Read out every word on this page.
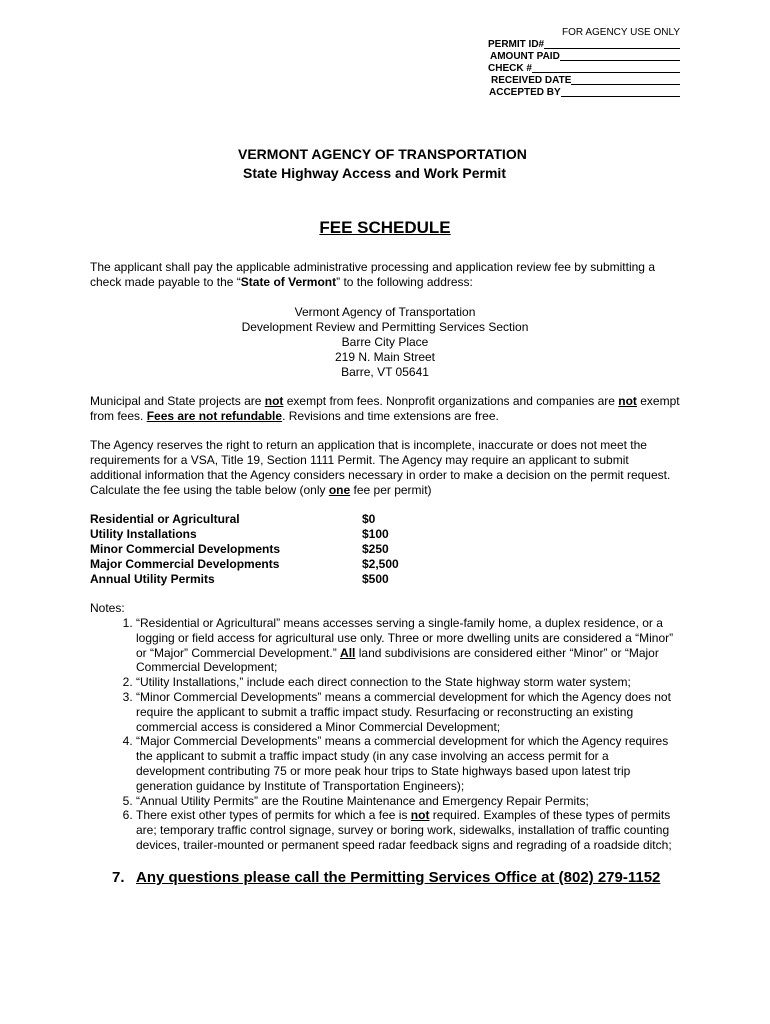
FOR AGENCY USE ONLY
PERMIT ID#
AMOUNT PAID
CHECK #
RECEIVED DATE
ACCEPTED BY
VERMONT AGENCY OF TRANSPORTATION
State Highway Access and Work Permit
FEE SCHEDULE

The applicant shall pay the applicable administrative processing and application review fee by submitting a check made payable to the “State of Vermont” to the following address:

Vermont Agency of Transportation
Development Review and Permitting Services Section
Barre City Place
219 N. Main Street
Barre, VT 05641

Municipal and State projects are not exempt from fees. Nonprofit organizations and companies are not exempt from fees. Fees are not refundable. Revisions and time extensions are free.

The Agency reserves the right to return an application that is incomplete, inaccurate or does not meet the requirements for a VSA, Title 19, Section 1111 Permit. The Agency may require an applicant to submit additional information that the Agency considers necessary in order to make a decision on the permit request. Calculate the fee using the table below (only one fee per permit)

Residential or Agricultural	$0
Utility Installations	$100
Minor Commercial Developments	$250
Major Commercial Developments	$2,500
Annual Utility Permits	$500
Notes:
1. “Residential or Agricultural” means accesses serving a single-family home, a duplex residence, or a logging or field access for agricultural use only. Three or more dwelling units are considered a “Minor” or “Major” Commercial Development.” All land subdivisions are considered either “Minor” or “Major Commercial Development;
2. “Utility Installations,” include each direct connection to the State highway storm water system;
3. “Minor Commercial Developments” means a commercial development for which the Agency does not require the applicant to submit a traffic impact study. Resurfacing or reconstructing an existing commercial access is considered a Minor Commercial Development;
4. “Major Commercial Developments” means a commercial development for which the Agency requires the applicant to submit a traffic impact study (in any case involving an access permit for a development contributing 75 or more peak hour trips to State highways based upon latest trip generation guidance by Institute of Transportation Engineers);
5. “Annual Utility Permits” are the Routine Maintenance and Emergency Repair Permits;
6. There exist other types of permits for which a fee is not required. Examples of these types of permits are; temporary traffic control signage, survey or boring work, sidewalks, installation of traffic counting devices, trailer-mounted or permanent speed radar feedback signs and regrading of a roadside ditch;
7. Any questions please call the Permitting Services Office at (802) 279-1152
